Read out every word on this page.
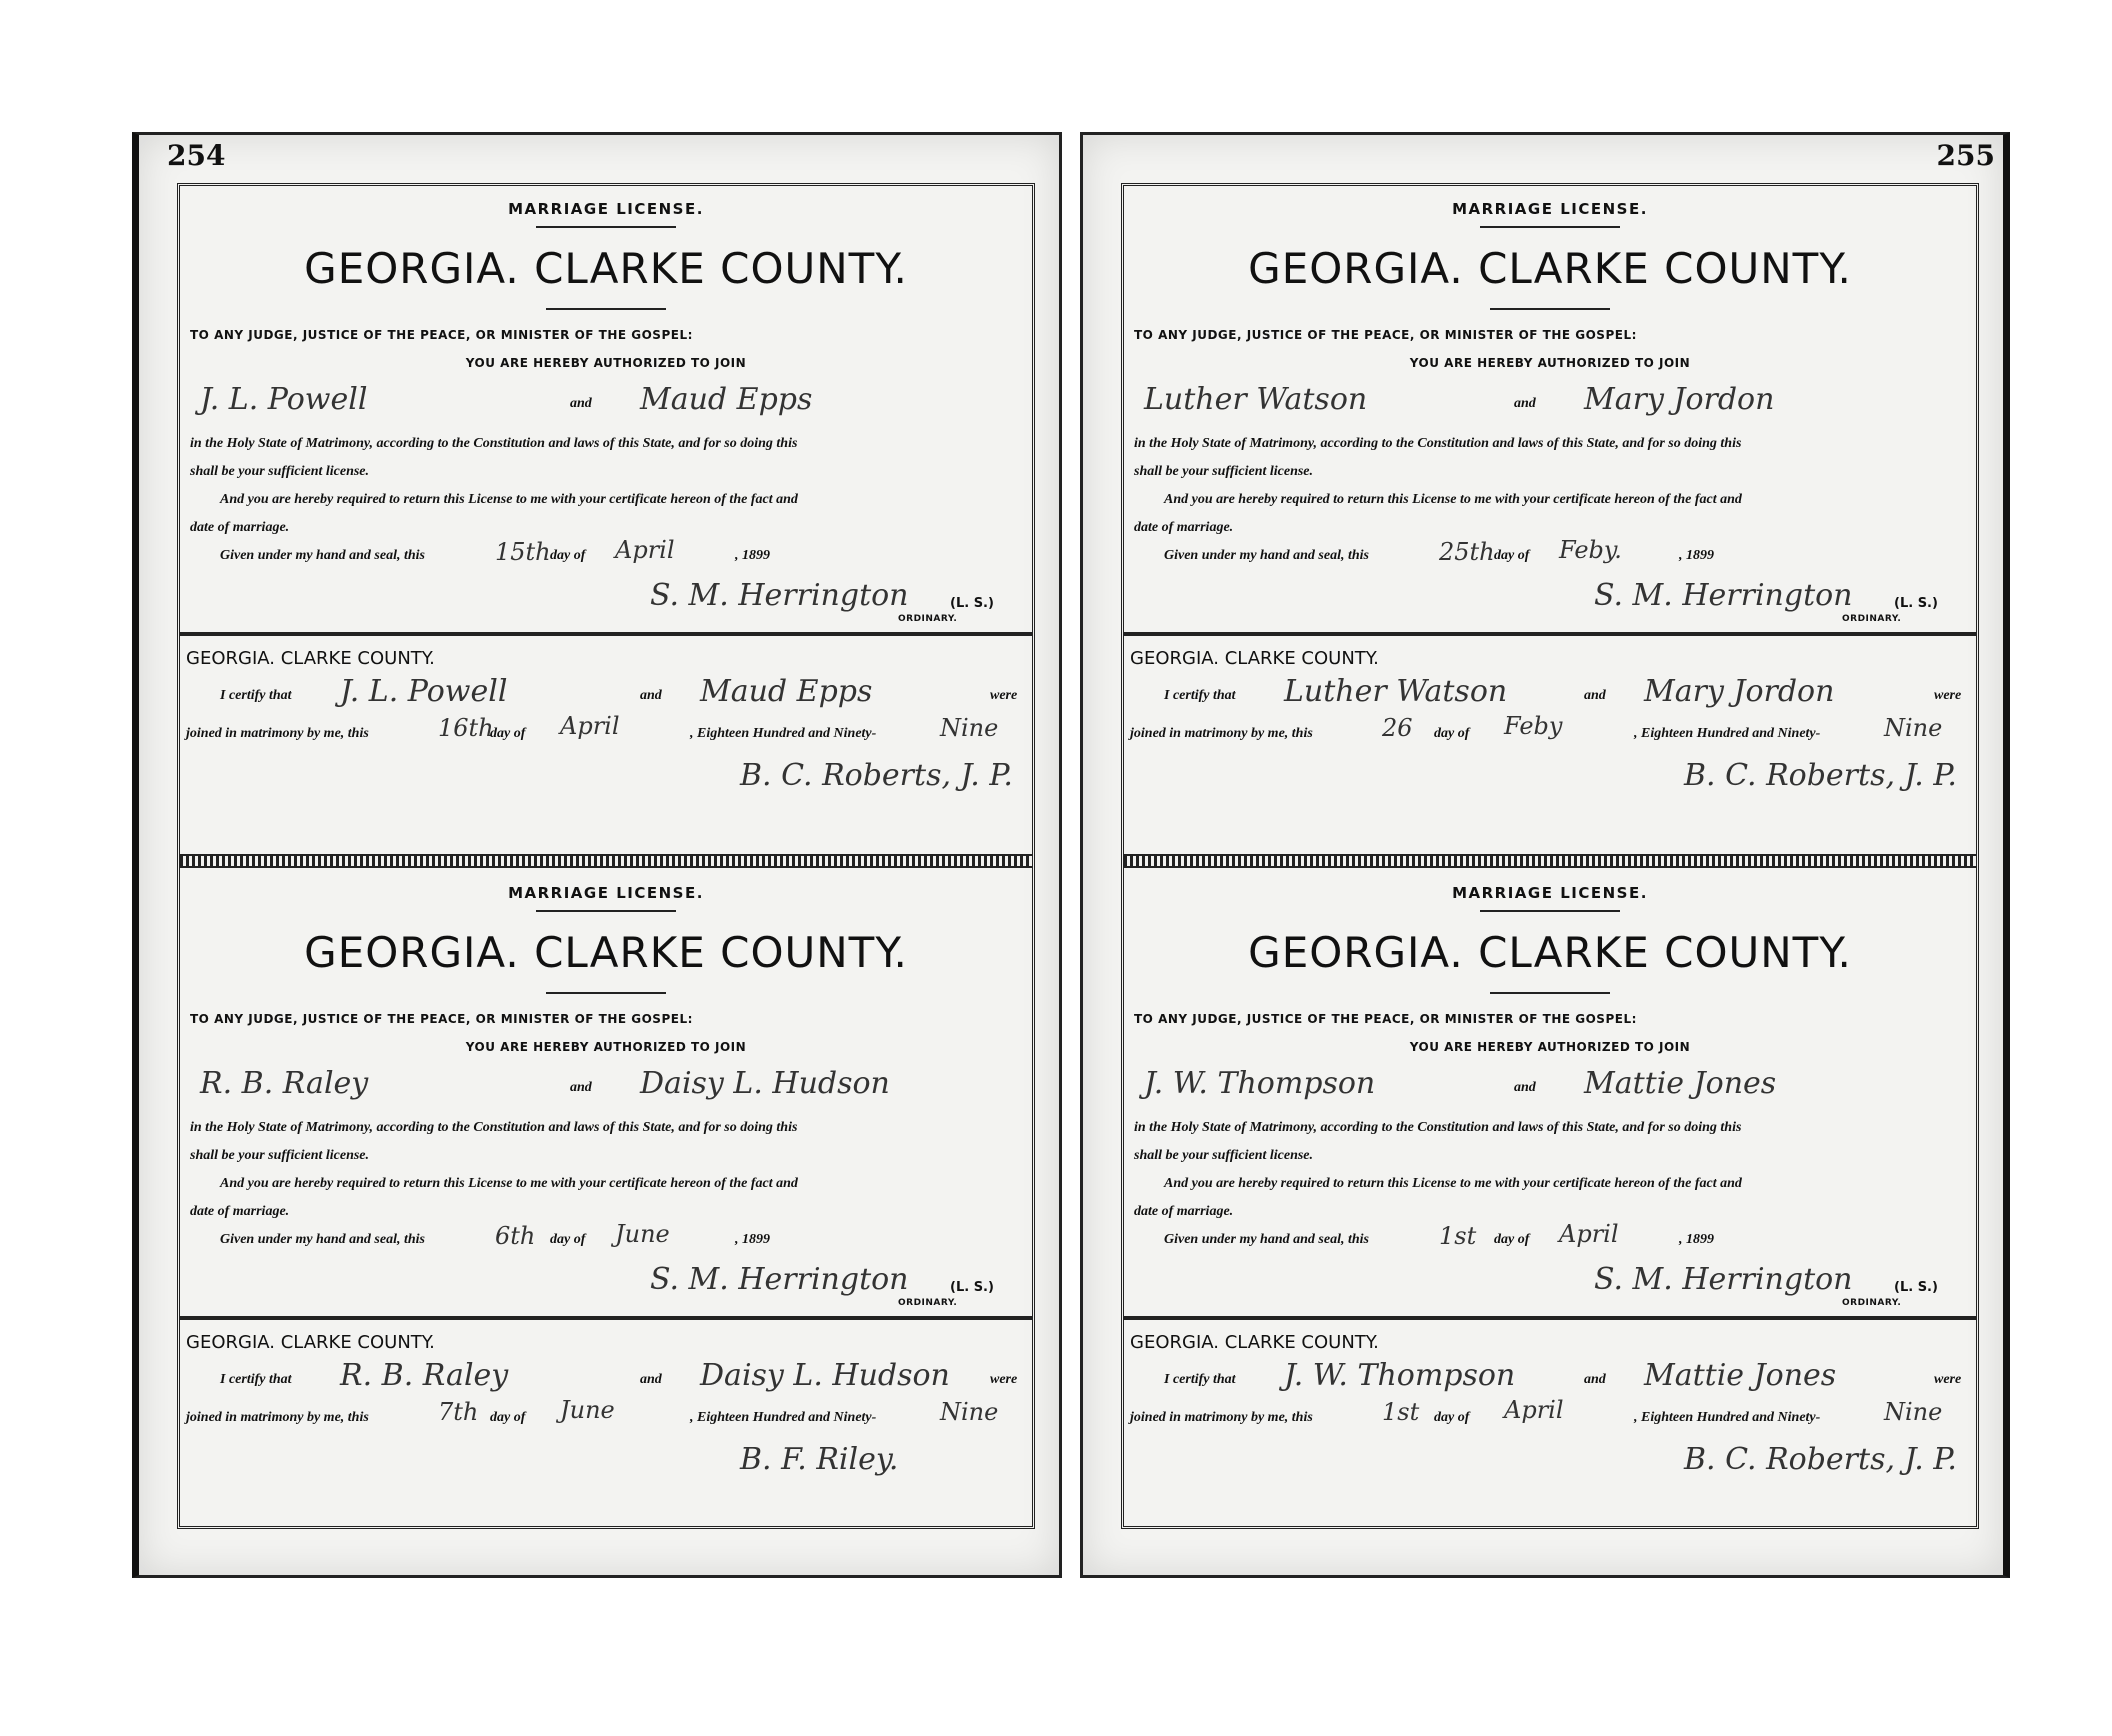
254
MARRIAGE LICENSE.
GEORGIA. CLARKE COUNTY.
TO ANY JUDGE, JUSTICE OF THE PEACE, OR MINISTER OF THE GOSPEL:
YOU ARE HEREBY AUTHORIZED TO JOIN
J. L. Powell	and Maud Epps
in the Holy State of Matrimony, according to the Constitution and laws of this State, and for so doing this
shall be your sufficient license.
And you are hereby required to return this License to me with your certificate hereon of the fact and
date of marriage.
Given under my hand and seal, this	15th day of April	, 1899
S. M. Herrington	(L. S.)
ORDINARY.
GEORGIA. CLARKE COUNTY.
I certify that J. L. Powell	and Maud Epps	were
joined in matrimony by me, this	16th
day of April	, Eighteen Hundred and Ninety-	Nine
B. C. Roberts, J. P.
MARRIAGE LICENSE.
GEORGIA. CLARKE COUNTY.
TO ANY JUDGE, JUSTICE OF THE PEACE, OR MINISTER OF THE GOSPEL:
YOU ARE HEREBY AUTHORIZED TO JOIN
R. B. Raley	and Daisy L. Hudson
in the Holy State of Matrimony, according to the Constitution and laws of this State, and for so doing this
shall be your sufficient license.
And you are hereby required to return this License to me with your certificate hereon of the fact and
date of marriage.
Given under my hand and seal, this	6th day of June	, 1899
S. M. Herrington	(L. S.)
ORDINARY.
GEORGIA. CLARKE COUNTY.
I certify that R. B. Raley	and Daisy L. Hudson	were
joined in matrimony by me, this	7th day of June	, Eighteen Hundred and Ninety-	Nine
B. F. Riley.
255
MARRIAGE LICENSE.
GEORGIA. CLARKE COUNTY.
TO ANY JUDGE, JUSTICE OF THE PEACE, OR MINISTER OF THE GOSPEL:
YOU ARE HEREBY AUTHORIZED TO JOIN
Luther Watson	and Mary Jordon
in the Holy State of Matrimony, according to the Constitution and laws of this State, and for so doing this
shall be your sufficient license.
And you are hereby required to return this License to me with your certificate hereon of the fact and
date of marriage.
Given under my hand and seal, this	25th day of Feby.	, 1899
S. M. Herrington	(L. S.)
ORDINARY.
GEORGIA. CLARKE COUNTY.
I certify that Luther Watson	and Mary Jordon	were
joined in matrimony by me, this	26 day of Feby	, Eighteen Hundred and Ninety-	Nine
B. C. Roberts, J. P.
MARRIAGE LICENSE.
GEORGIA. CLARKE COUNTY.
TO ANY JUDGE, JUSTICE OF THE PEACE, OR MINISTER OF THE GOSPEL:
YOU ARE HEREBY AUTHORIZED TO JOIN
J. W. Thompson	and Mattie Jones
in the Holy State of Matrimony, according to the Constitution and laws of this State, and for so doing this
shall be your sufficient license.
And you are hereby required to return this License to me with your certificate hereon of the fact and
date of marriage.
Given under my hand and seal, this	1st day of April	, 1899
S. M. Herrington	(L. S.)
ORDINARY.
GEORGIA. CLARKE COUNTY.
I certify that J. W. Thompson	and Mattie Jones	were
joined in matrimony by me, this	1st day of April	, Eighteen Hundred and Ninety-	Nine
B. C. Roberts, J. P.
